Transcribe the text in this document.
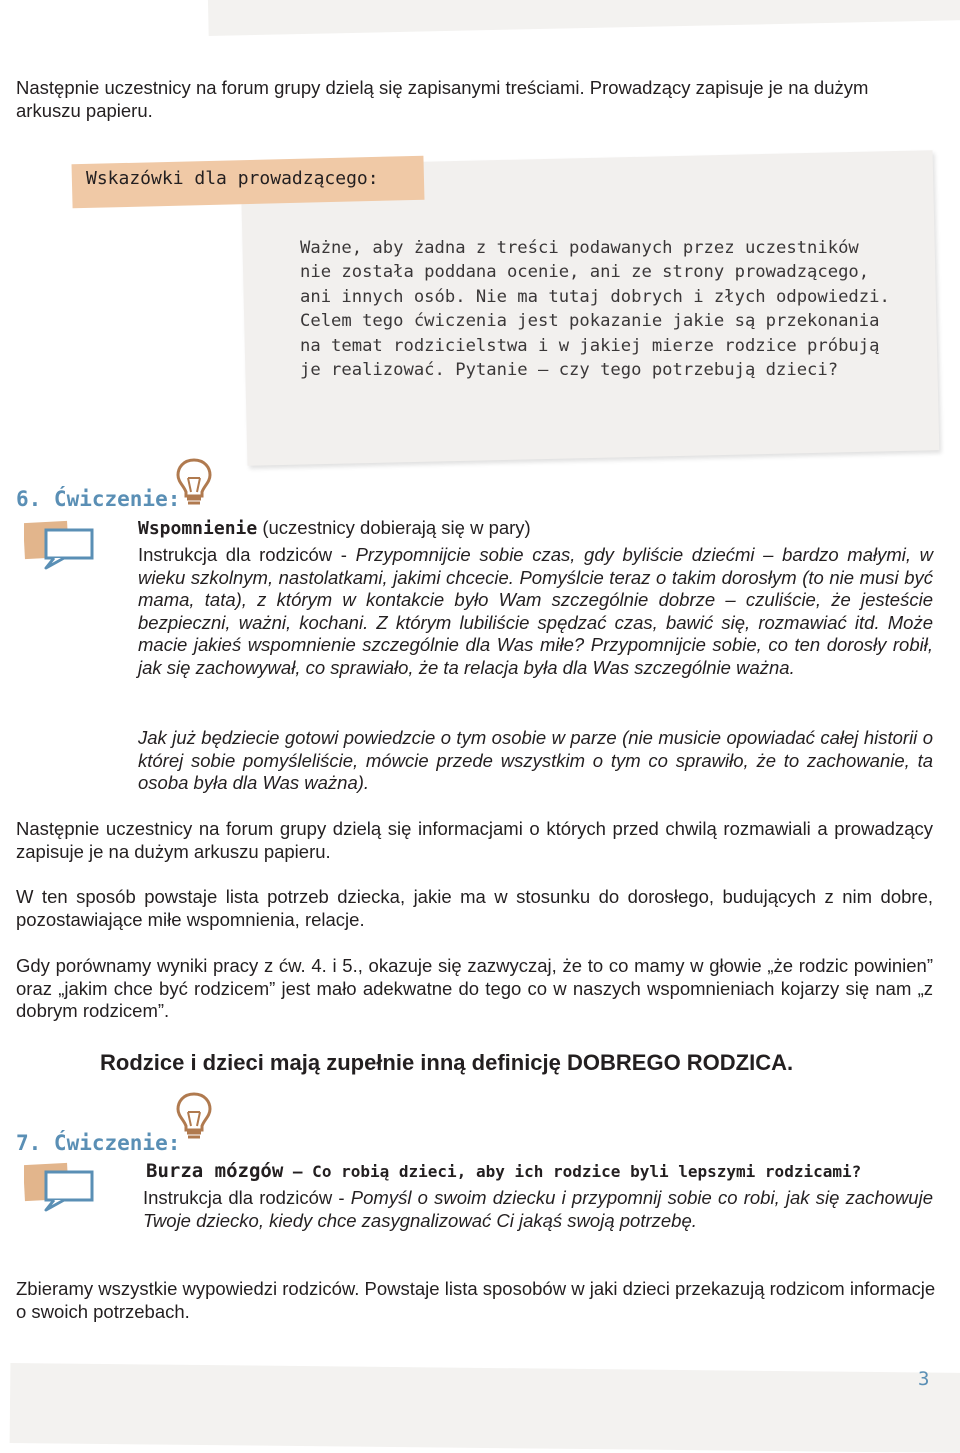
Następnie uczestnicy na forum grupy dzielą się zapisanymi treściami. Prowadzący zapisuje je na dużym arkuszu papieru.
Wskazówki dla prowadzącego:
Ważne, aby żadna z treści podawanych przez uczestników nie została poddana ocenie, ani ze strony prowadzącego, ani innych osób. Nie ma tutaj dobrych i złych odpowiedzi. Celem tego ćwiczenia jest pokazanie jakie są przekonania na temat rodzicielstwa i w jakiej mierze rodzice próbują je realizować. Pytanie – czy tego potrzebują dzieci?
6. Ćwiczenie:
Wspomnienie (uczestnicy dobierają się w pary)
Instrukcja dla rodziców - Przypomnijcie sobie czas, gdy byliście dziećmi – bardzo małymi, w wieku szkolnym, nastolatkami, jakimi chcecie. Pomyślcie teraz o takim dorosłym (to nie musi być mama, tata), z którym w kontakcie było Wam szczególnie dobrze – czuliście, że jesteście bezpieczni, ważni, kochani. Z którym lubiliście spędzać czas, bawić się, rozmawiać itd. Może macie jakieś wspomnienie szczególnie dla Was miłe? Przypomnijcie sobie, co ten dorosły robił, jak się zachowywał, co sprawiało, że ta relacja była dla Was szczególnie ważna.
Jak już będziecie gotowi powiedzcie o tym osobie w parze (nie musicie opowiadać całej historii o której sobie pomyśleliście, mówcie przede wszystkim o tym co sprawiło, że to zachowanie, ta osoba była dla Was ważna).
Następnie uczestnicy na forum grupy dzielą się informacjami o których przed chwilą rozmawiali a prowadzący zapisuje je na dużym arkuszu papieru.
W ten sposób powstaje lista potrzeb dziecka, jakie ma w stosunku do dorosłego, budujących z nim dobre, pozostawiające miłe wspomnienia, relacje.
Gdy porównamy wyniki pracy z ćw. 4. i 5., okazuje się zazwyczaj, że to co mamy w głowie „że rodzic powinien” oraz „jakim chce być rodzicem” jest mało adekwatne do tego co w naszych wspomnieniach kojarzy się nam „z dobrym rodzicem”.
Rodzice i dzieci mają zupełnie inną definicję DOBREGO RODZICA.
7. Ćwiczenie:
Burza mózgów – Co robią dzieci, aby ich rodzice byli lepszymi rodzicami?
Instrukcja dla rodziców - Pomyśl o swoim dziecku i przypomnij sobie co robi, jak się zachowuje Twoje dziecko, kiedy chce zasygnalizować Ci jakąś swoją potrzebę.
Zbieramy wszystkie wypowiedzi rodziców. Powstaje lista sposobów w jaki dzieci przekazują rodzicom informacje o swoich potrzebach.
3
